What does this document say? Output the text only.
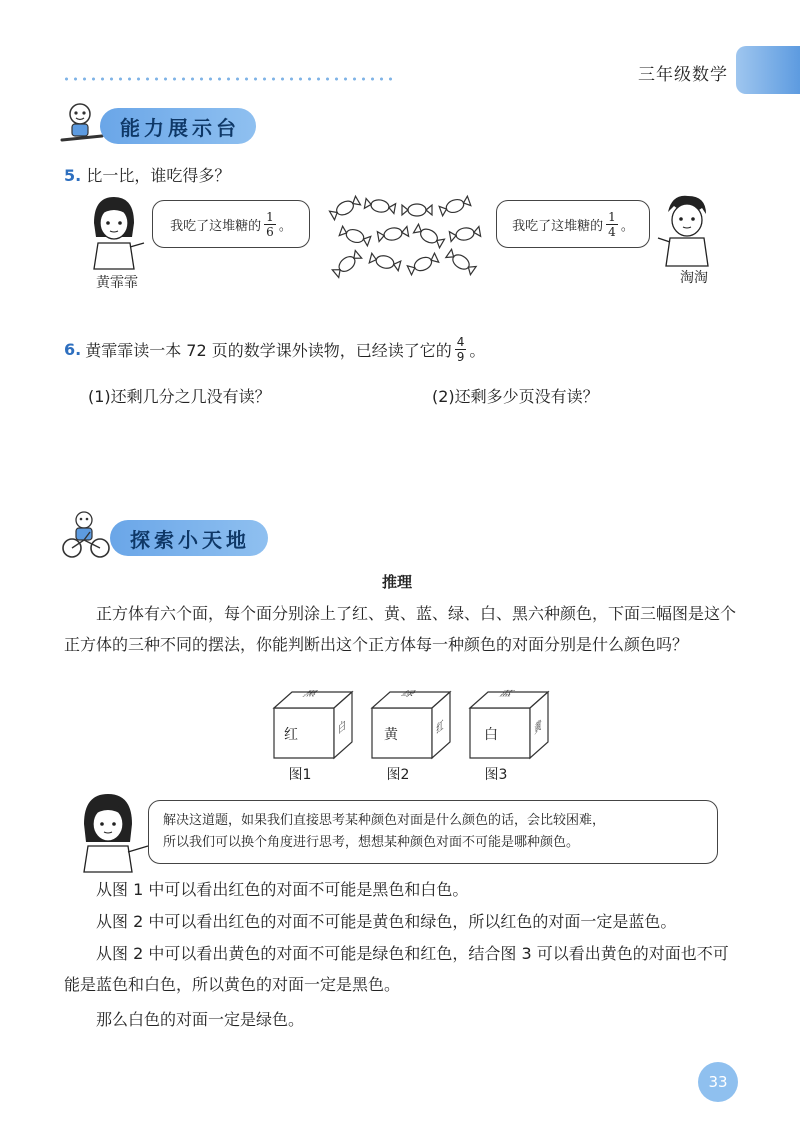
三年级数学
能力展示台
5. 比一比，谁吃得多？
黄霏霏
我吃了这堆糖的 $\frac{1}{6}$ 。	我吃了这堆糖的 $\frac{1}{4}$ 。
淘淘
6. 黄霏霏读一本 72 页的数学课外读物，已经读了它的 $\frac{4}{9}$ 。
(1)还剩几分之几没有读？	(2)还剩多少页没有读？
探索小天地
推理
正方体有六个面，每个面分别涂上了红、黄、蓝、绿、白、黑六种颜色，下面三幅图是这个正方体的三种不同的摆法，你能判断出这个正方体每一种颜色的对面分别是什么颜色吗？
红
黑
白
图1
黄
绿
红
图2
白
蓝
黄
图3
解决这道题，如果我们直接思考某种颜色对面是什么颜色的话，会比较困难，
所以我们可以换个角度进行思考，想想某种颜色对面不可能是哪种颜色。
从图 1 中可以看出红色的对面不可能是黑色和白色。
从图 2 中可以看出红色的对面不可能是黄色和绿色，所以红色的对面一定是蓝色。
从图 2 中可以看出黄色的对面不可能是绿色和红色，结合图 3 可以看出黄色的对面也不可能是蓝色和白色，所以黄色的对面一定是黑色。
那么白色的对面一定是绿色。
33
